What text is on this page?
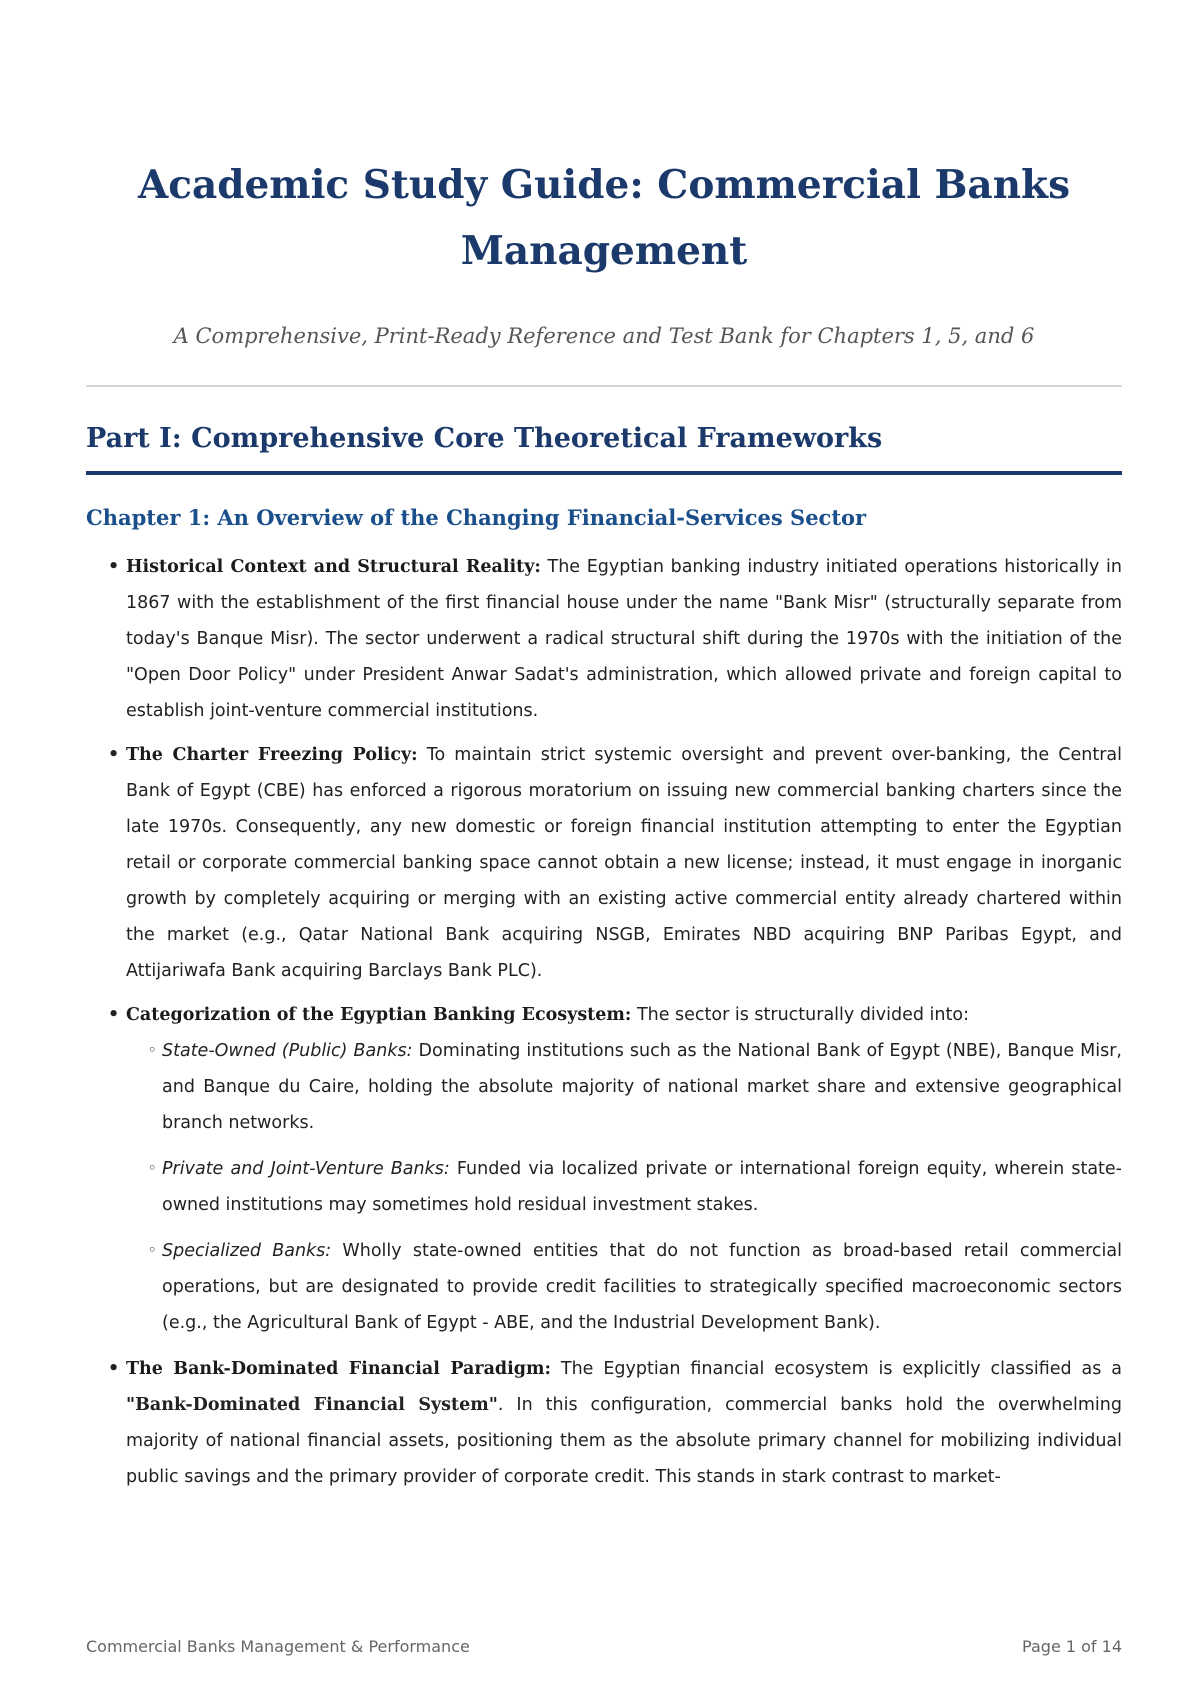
Academic Study Guide: Commercial Banks
Management

A Comprehensive, Print-Ready Reference and Test Bank for Chapters 1, 5, and 6

Part I: Comprehensive Core Theoretical Frameworks
Chapter 1: An Overview of the Changing Financial-Services Sector
• Historical Context and Structural Reality: The Egyptian banking industry initiated operations historically in 1867 with the establishment of the first financial house under the name "Bank Misr" (structurally separate from today's Banque Misr). The sector underwent a radical structural shift during the 1970s with the initiation of the "Open Door Policy" under President Anwar Sadat's administration, which allowed private and foreign capital to establish joint-venture commercial institutions.
• The Charter Freezing Policy: To maintain strict systemic oversight and prevent over-banking, the Central Bank of Egypt (CBE) has enforced a rigorous moratorium on issuing new commercial banking charters since the late 1970s. Consequently, any new domestic or foreign financial institution attempting to enter the Egyptian retail or corporate commercial banking space cannot obtain a new license; instead, it must engage in inorganic growth by completely acquiring or merging with an existing active commercial entity already chartered within the market (e.g., Qatar National Bank acquiring NSGB, Emirates NBD acquiring BNP Paribas Egypt, and Attijariwafa Bank acquiring Barclays Bank PLC).
• Categorization of the Egyptian Banking Ecosystem: The sector is structurally divided into:
◦ State-Owned (Public) Banks: Dominating institutions such as the National Bank of Egypt (NBE), Banque Misr, and Banque du Caire, holding the absolute majority of national market share and extensive geographical branch networks.
◦ Private and Joint-Venture Banks: Funded via localized private or international foreign equity, wherein state-owned institutions may sometimes hold residual investment stakes.
◦ Specialized Banks: Wholly state-owned entities that do not function as broad-based retail commercial operations, but are designated to provide credit facilities to strategically specified macroeconomic sectors (e.g., the Agricultural Bank of Egypt - ABE, and the Industrial Development Bank).
• The Bank-Dominated Financial Paradigm: The Egyptian financial ecosystem is explicitly classified as a "Bank-Dominated Financial System". In this configuration, commercial banks hold the overwhelming majority of national financial assets, positioning them as the absolute primary channel for mobilizing individual public savings and the primary provider of corporate credit. This stands in stark contrast to market-
Commercial Banks Management & Performance	Page 1 of 14
